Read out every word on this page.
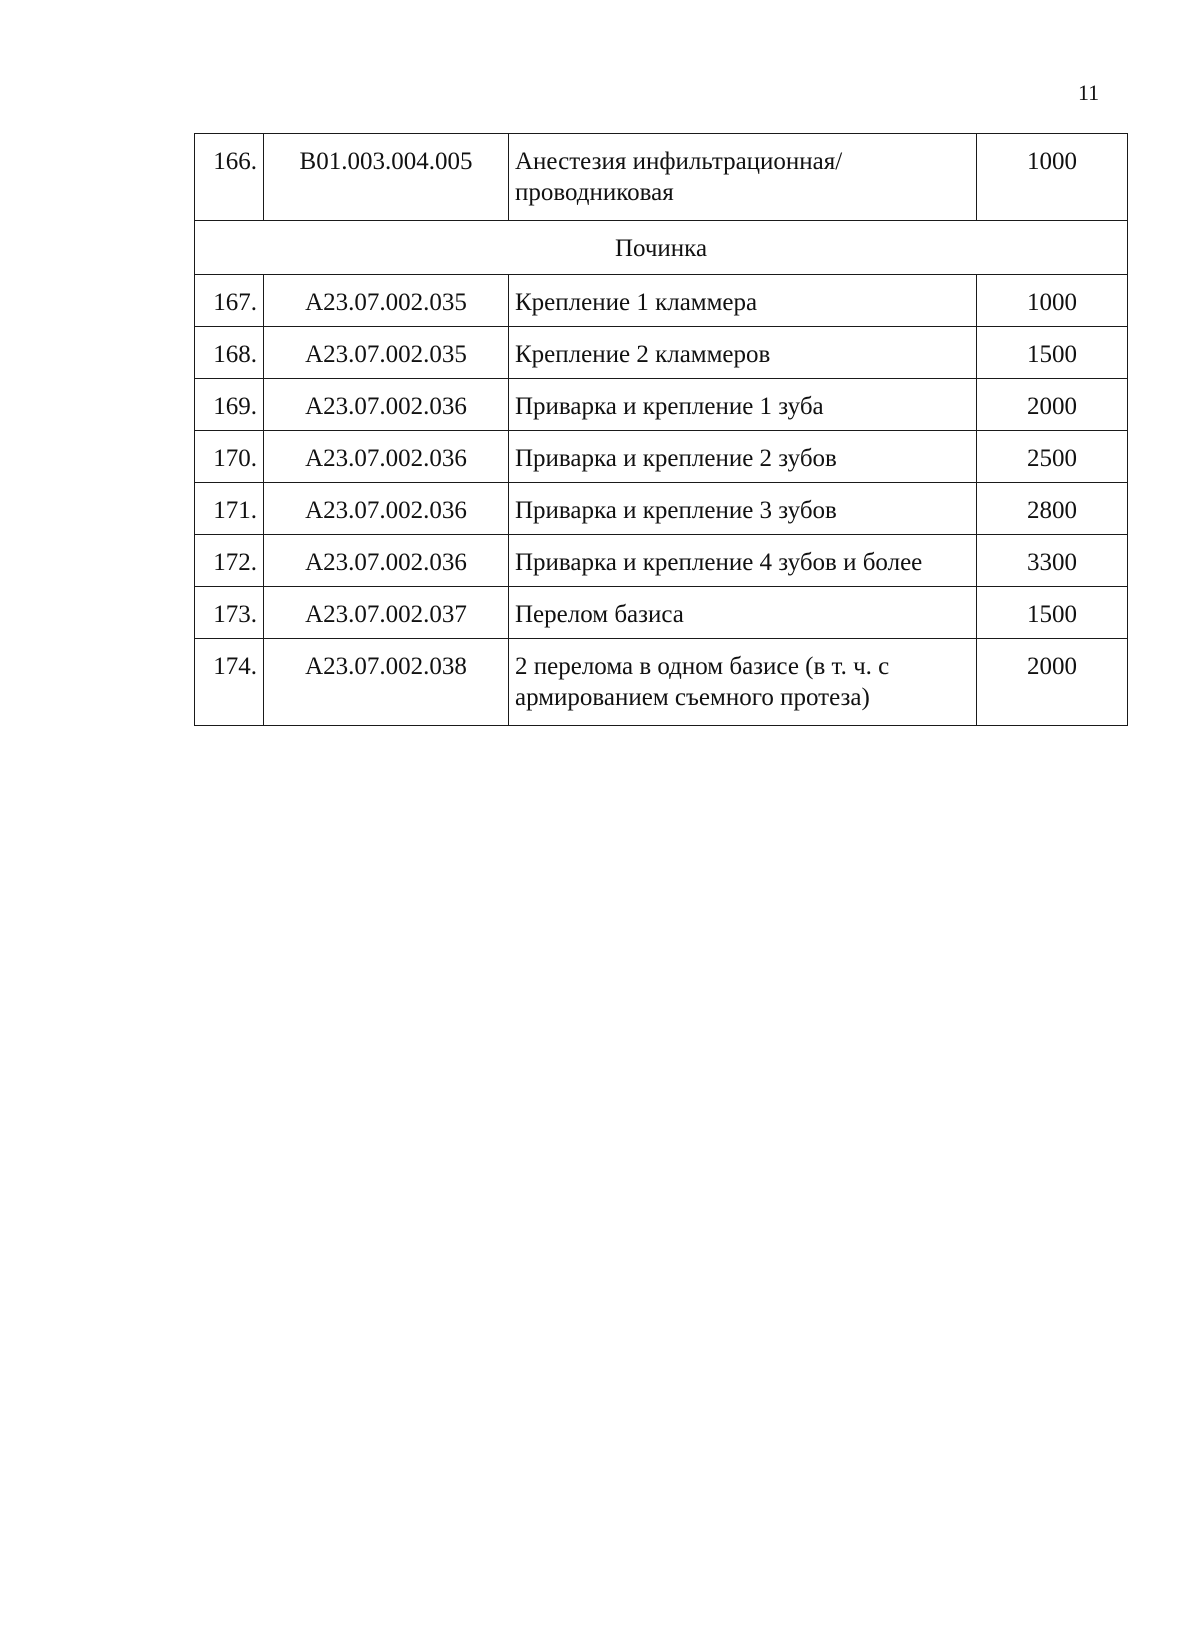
11
166.	B01.003.004.005	Анестезия инфильтрационная/ проводниковая	1000
Починка			
167.	A23.07.002.035	Крепление 1 кламмера	1000
168.	A23.07.002.035	Крепление 2 кламмеров	1500
169.	A23.07.002.036	Приварка и крепление 1 зуба	2000
170.	A23.07.002.036	Приварка и крепление 2 зубов	2500
171.	A23.07.002.036	Приварка и крепление 3 зубов	2800
172.	A23.07.002.036	Приварка и крепление 4 зубов и более	3300
173.	A23.07.002.037	Перелом базиса	1500
174.	A23.07.002.038	2 перелома в одном базисе (в т. ч. с армированием съемного протеза)	2000
